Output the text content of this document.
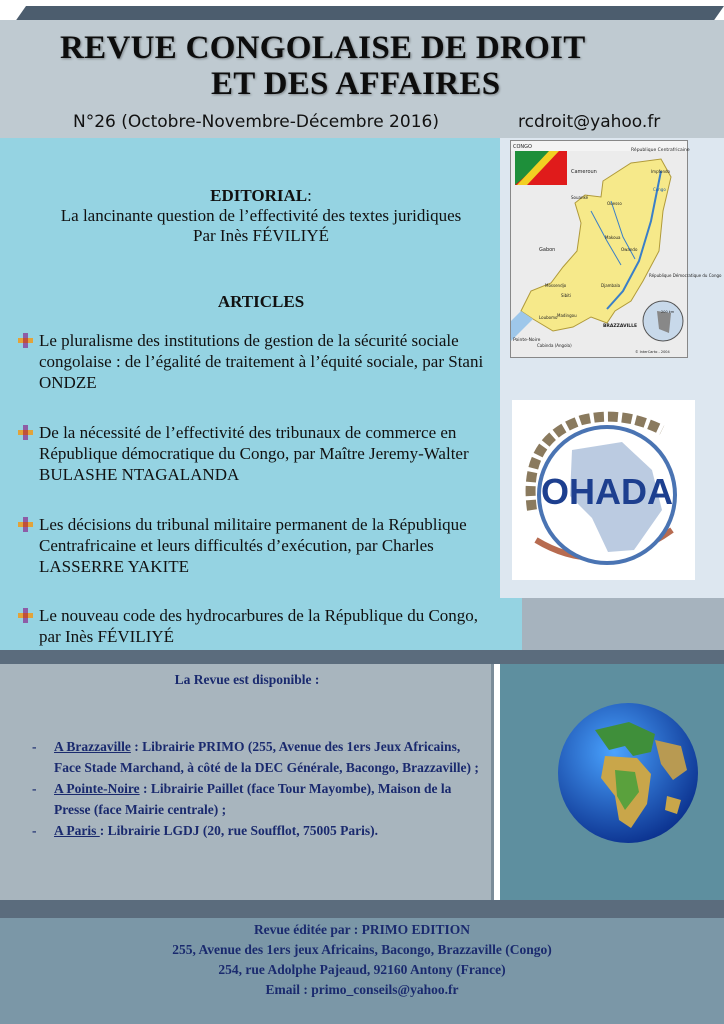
REVUE CONGOLAISE DE DROIT
ET DES AFFAIRES
N°26 (Octobre-Novembre-Décembre 2016)	rcdroit@yahoo.fr
EDITORIAL:
La lancinante question de l’effectivité des textes juridiques
Par Inès FÉVILIYÉ
ARTICLES
Le pluralisme des institutions de gestion de la sécurité sociale congolaise : de l’égalité de traitement à l’équité sociale, par Stani ONDZE
De la nécessité de l’effectivité des tribunaux de commerce en République démocratique du Congo, par Maître Jeremy-Walter BULASHE NTAGALANDA
Les décisions du tribunal militaire permanent de la République Centrafricaine et leurs difficultés d’exécution, par Charles LASSERRE YAKITE
Le nouveau code des hydrocarbures de la République du Congo, par Inès FÉVILIYÉ
CONGO
République Centrafricaine
Cameroun
Gabon
République Démocratique du Congo
BRAZZAVILLE
Pointe-Noire
Cabinda (Angola)
Congo
Souanké
Ouesso
Makoua
Owando
Djambala
Sibiti
Mossendjo
Loubomo Madingou
Impfondo
200 km
© InterCarto - 2004
OHADA
La Revue est disponible :
- A Brazzaville : Librairie PRIMO (255, Avenue des 1ers Jeux Africains, Face Stade Marchand, à côté de la DEC Générale, Bacongo, Brazzaville) ;
- A Pointe-Noire : Librairie Paillet (face Tour Mayombe), Maison de la Presse (face Mairie centrale) ;
- A Paris : Librairie LGDJ (20, rue Soufflot, 75005 Paris).
Revue éditée par : PRIMO EDITION
255, Avenue des 1ers jeux Africains, Bacongo, Brazzaville (Congo)
254, rue Adolphe Pajeaud, 92160 Antony (France)
Email : primo_conseils@yahoo.fr
